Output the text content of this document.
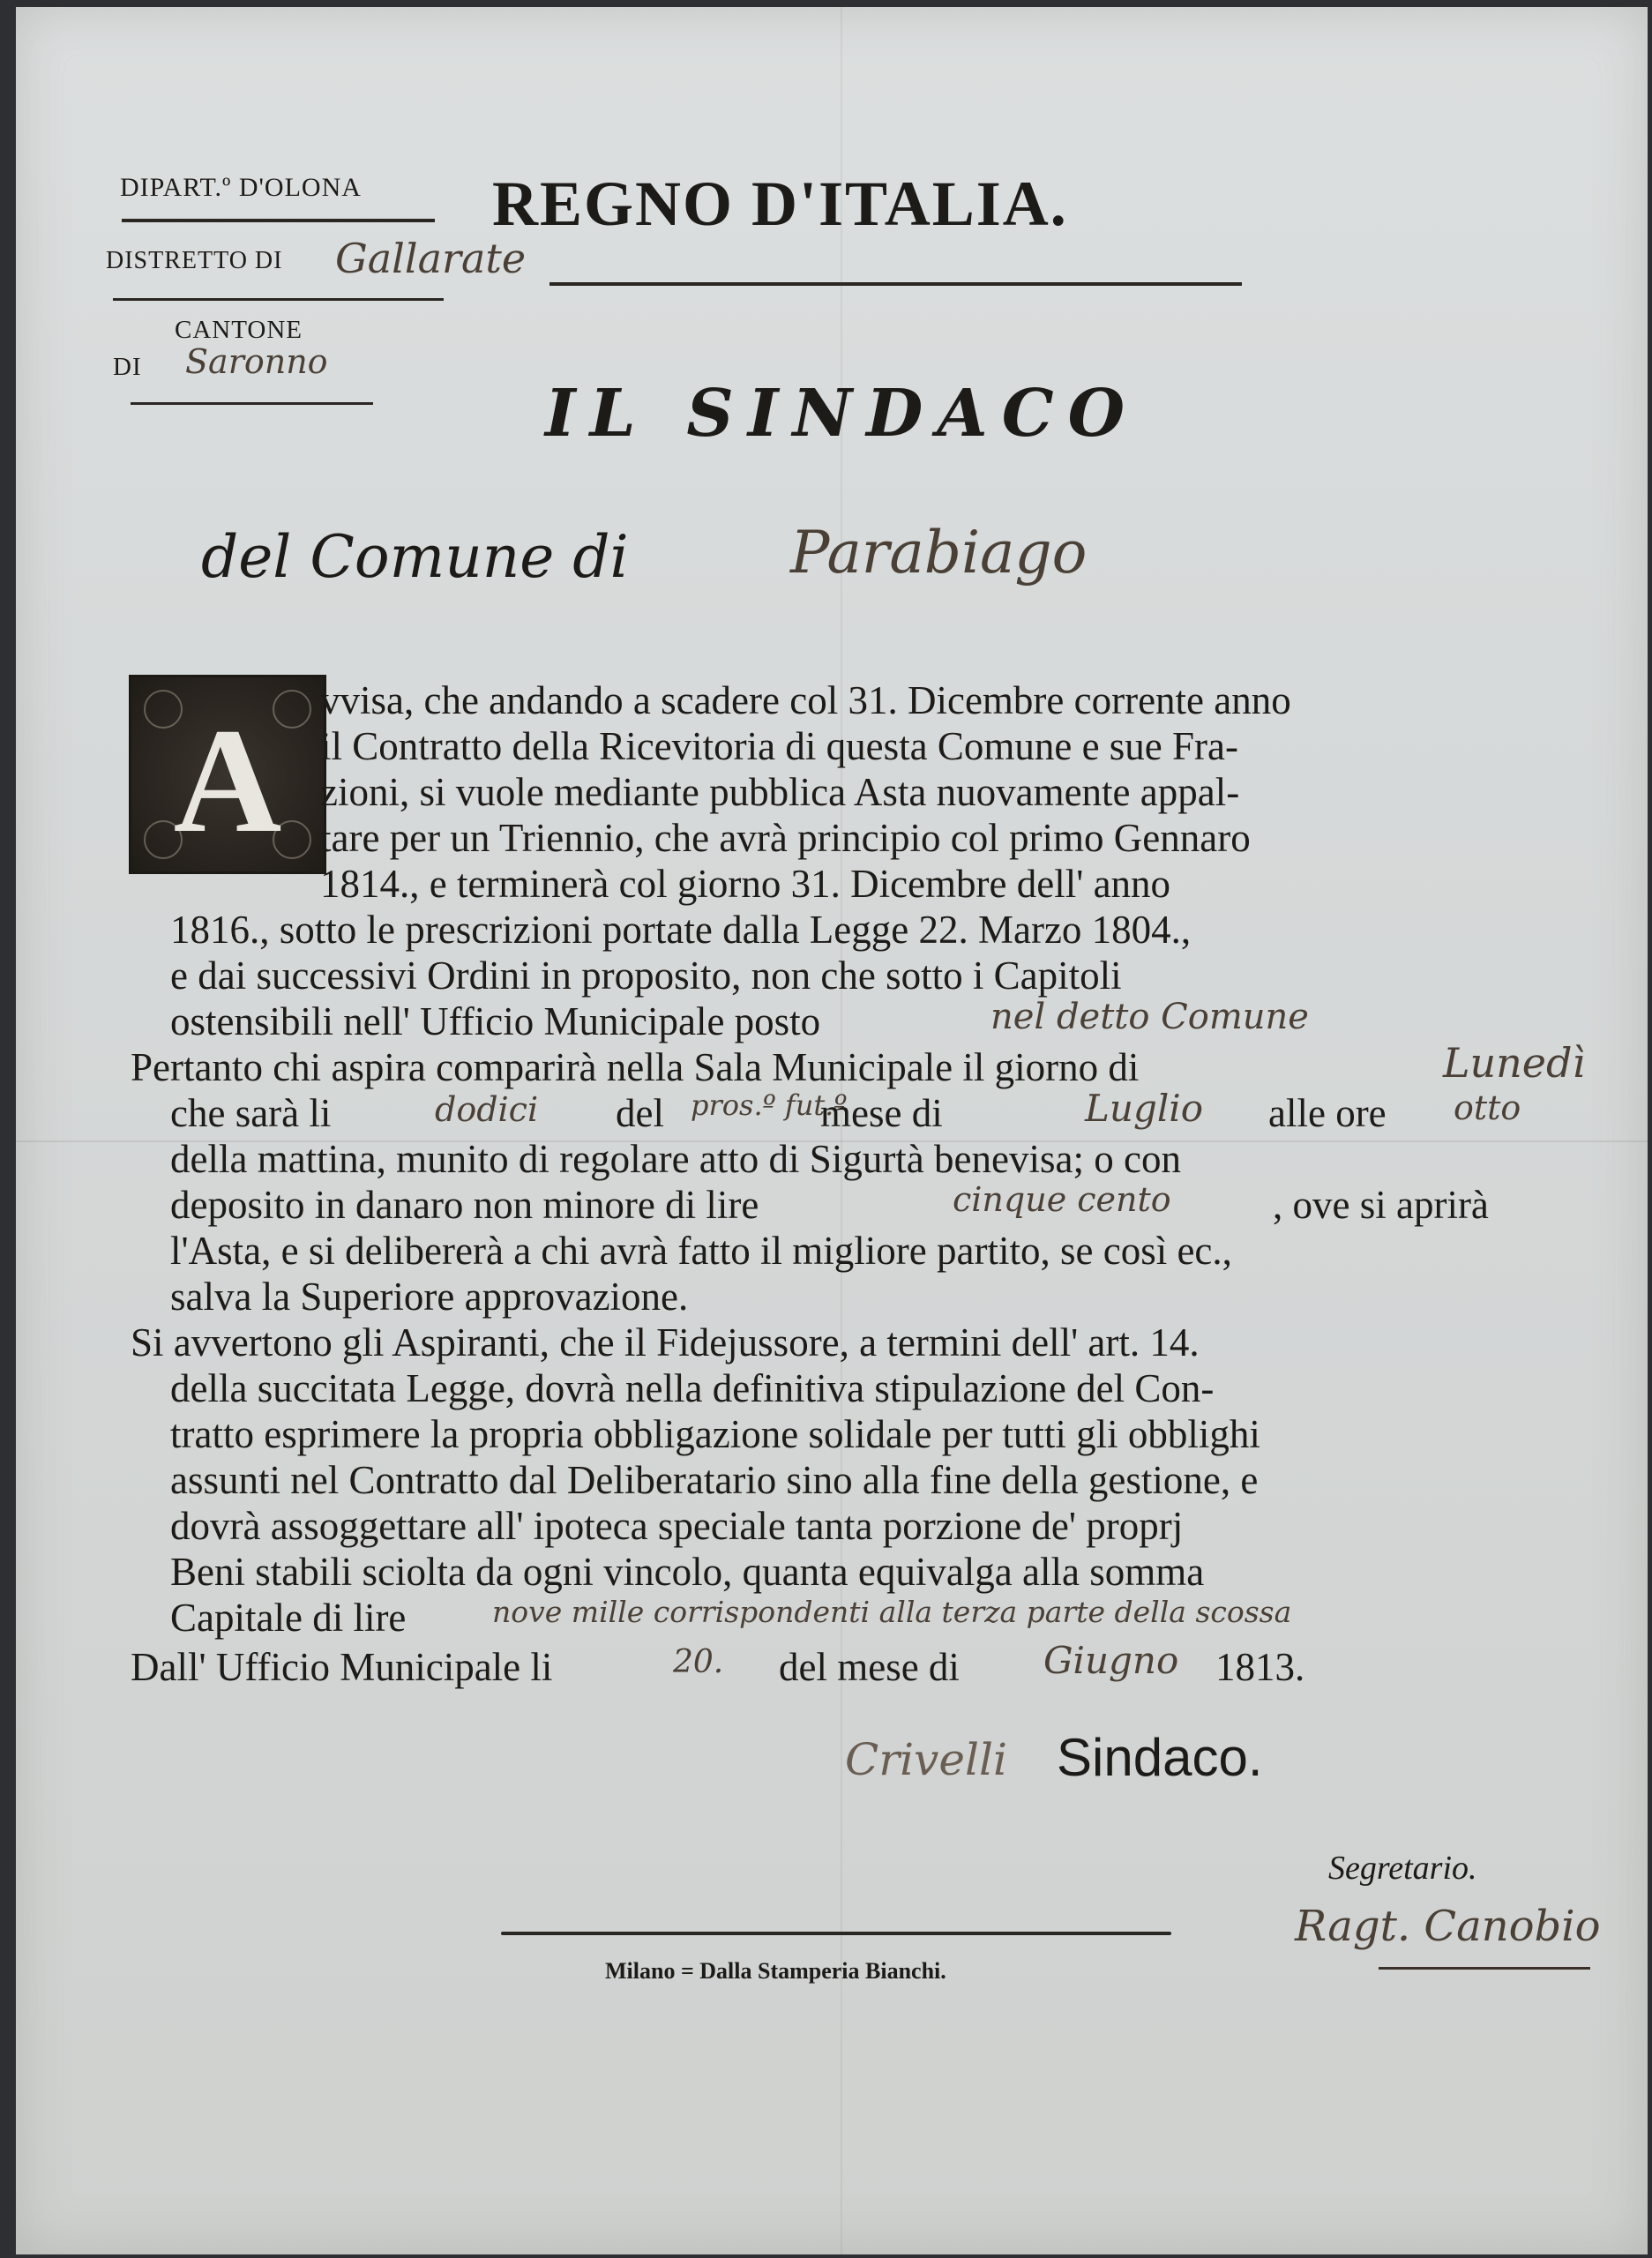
DIPART.º D'OLONA
DISTRETTO DI Gallarate
CANTONE
DI Saronno
REGNO D'ITALIA.
IL SINDACO
del Comune di	Parabiago
A vvisa, che andando a scadere col 31. Dicembre corrente anno
il Contratto della Ricevitoria di questa Comune e sue Fra-
zioni, si vuole mediante pubblica Asta nuovamente appal-
tare per un Triennio, che avrà principio col primo Gennaro
1814., e terminerà col giorno 31. Dicembre dell' anno
1816., sotto le prescrizioni portate dalla Legge 22. Marzo 1804.,
e dai successivi Ordini in proposito, non che sotto i Capitoli
ostensibili nell' Ufficio Municipale posto	nel detto Comune
Pertanto chi aspira comparirà nella Sala Municipale il giorno di	Lunedì
che sarà li	dodici del pros.º fut.º
mese di	Luglio alle ore otto
della mattina, munito di regolare atto di Sigurtà benevisa; o con
deposito in danaro non minore di lire	cinque cento	, ove si aprirà
l'Asta, e si delibererà a chi avrà fatto il migliore partito, se così ec.,
salva la Superiore approvazione.
Si avvertono gli Aspiranti, che il Fidejussore, a termini dell' art. 14.
della succitata Legge, dovrà nella definitiva stipulazione del Con-
tratto esprimere la propria obbligazione solidale per tutti gli obblighi
assunti nel Contratto dal Deliberatario sino alla fine della gestione, e
dovrà assoggettare all' ipoteca speciale tanta porzione de' proprj
Beni stabili sciolta da ogni vincolo, quanta equivalga alla somma
Capitale di lire	nove mille corrispondenti alla terza parte della scossa
Dall' Ufficio Municipale li	20. del mese di Giugno 1813.
Crivelli Sindaco.
Segretario.
Ragt. Canobio
Milano = Dalla Stamperia Bianchi.
